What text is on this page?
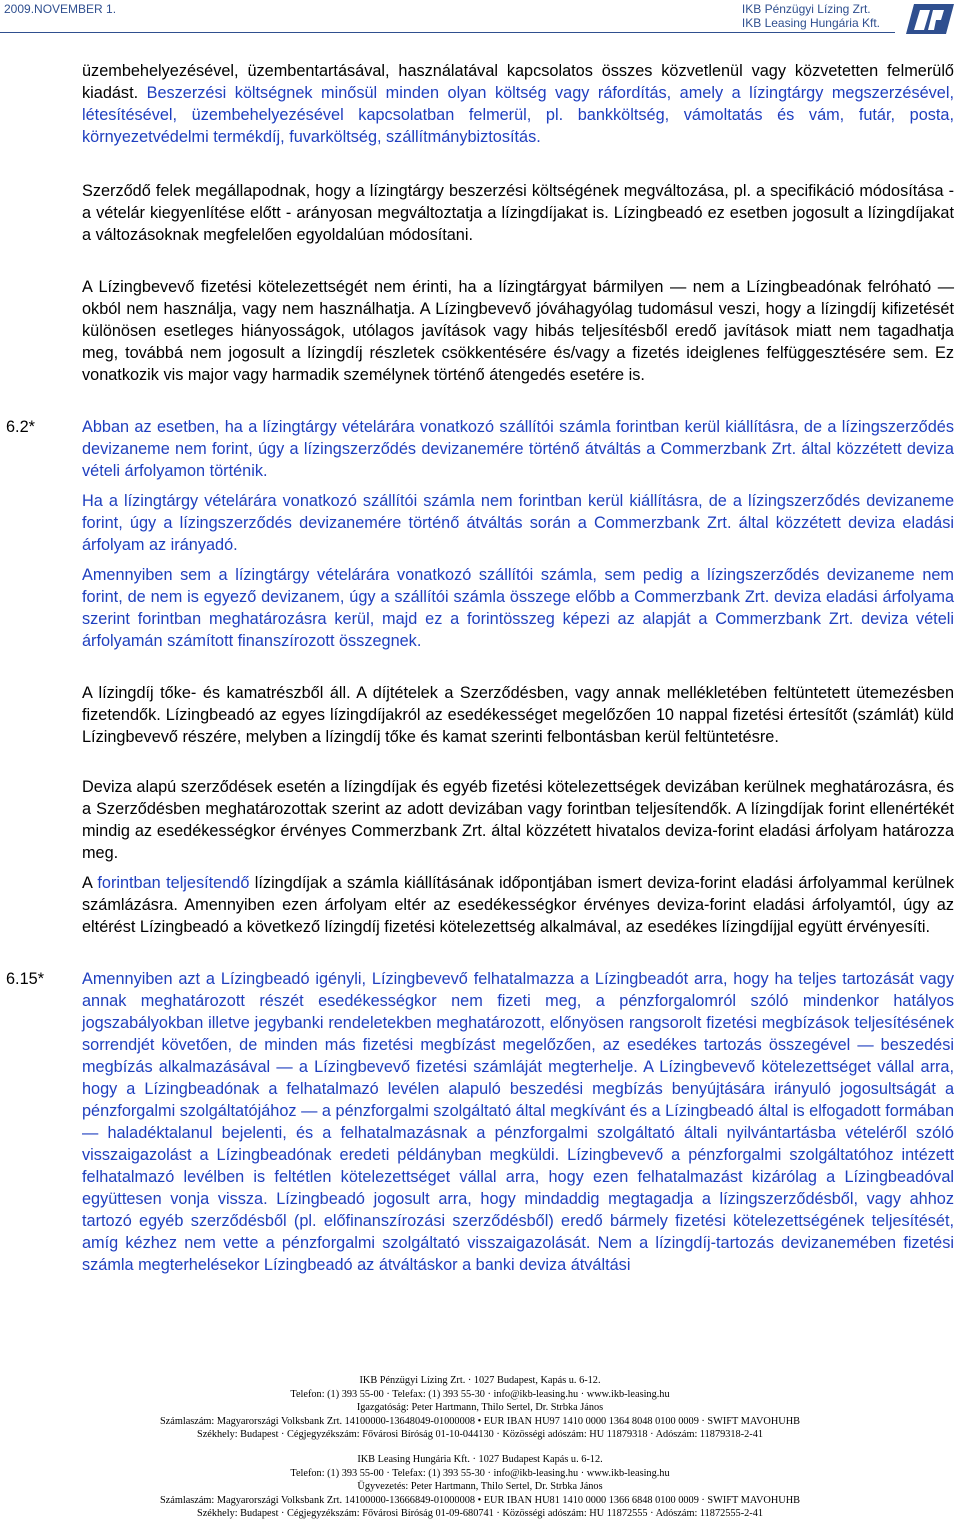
2009.NOVEMBER 1.	IKB Pénzügyi Lízing Zrt.
IKB Leasing Hungária Kft.

üzembehelyezésével, üzembentartásával, használatával kapcsolatos összes közvetlenül vagy közvetetten felmerülő kiadást. Beszerzési költségnek minősül minden olyan költség vagy ráfordítás, amely a lízingtárgy megszerzésével, létesítésével, üzembehelyezésével kapcsolatban felmerül, pl. bankköltség, vámoltatás és vám, futár, posta, környezetvédelmi termékdíj, fuvarköltség, szállítmánybiztosítás.

Szerződő felek megállapodnak, hogy a lízingtárgy beszerzési költségének megváltozása, pl. a specifikáció módosítása - a vételár kiegyenlítése előtt - arányosan megváltoztatja a lízingdíjakat is. Lízingbeadó ez esetben jogosult a lízingdíjakat a változásoknak megfelelően egyoldalúan módosítani.

A Lízingbevevő fizetési kötelezettségét nem érinti, ha a lízingtárgyat bármilyen ― nem a Lízingbeadónak felróható ― okból nem használja, vagy nem használhatja. A Lízingbevevő jóváhagyólag tudomásul veszi, hogy a lízingdíj kifizetését különösen esetleges hiányosságok, utólagos javítások vagy hibás teljesítésből eredő javítások miatt nem tagadhatja meg, továbbá nem jogosult a lízingdíj részletek csökkentésére és/vagy a fizetés ideiglenes felfüggesztésére sem. Ez vonatkozik vis major vagy harmadik személynek történő átengedés esetére is.

6.2*	Abban az esetben, ha a lízingtárgy vételárára vonatkozó szállítói számla forintban kerül kiállításra, de a lízingszerződés devizaneme nem forint, úgy a lízingszerződés devizanemére történő átváltás a Commerzbank Zrt. által közzétett deviza vételi árfolyamon történik.

Ha a lízingtárgy vételárára vonatkozó szállítói számla nem forintban kerül kiállításra, de a lízingszerződés devizaneme forint, úgy a lízingszerződés devizanemére történő átváltás során a Commerzbank Zrt. által közzétett deviza eladási árfolyam az irányadó.

Amennyiben sem a lízingtárgy vételárára vonatkozó szállítói számla, sem pedig a lízingszerződés devizaneme nem forint, de nem is egyező devizanem, úgy a szállítói számla összege előbb a Commerzbank Zrt. deviza eladási árfolyama szerint forintban meghatározásra kerül, majd ez a forintösszeg képezi az alapját a Commerzbank Zrt. deviza vételi árfolyamán számított finanszírozott összegnek.

A lízingdíj tőke- és kamatrészből áll. A díjtételek a Szerződésben, vagy annak mellékletében feltüntetett ütemezésben fizetendők. Lízingbeadó az egyes lízingdíjakról az esedékességet megelőzően 10 nappal fizetési értesítőt (számlát) küld Lízingbevevő részére, melyben a lízingdíj tőke és kamat szerinti felbontásban kerül feltüntetésre.

Deviza alapú szerződések esetén a lízingdíjak és egyéb fizetési kötelezettségek devizában kerülnek meghatározásra, és a Szerződésben meghatározottak szerint az adott devizában vagy forintban teljesítendők. A lízingdíjak forint ellenértékét mindig az esedékességkor érvényes Commerzbank Zrt. által közzétett hivatalos deviza-forint eladási árfolyam határozza meg.

A forintban teljesítendő lízingdíjak a számla kiállításának időpontjában ismert deviza-forint eladási árfolyammal kerülnek számlázásra. Amennyiben ezen árfolyam eltér az esedékességkor érvényes deviza-forint eladási árfolyamtól, úgy az eltérést Lízingbeadó a következő lízingdíj fizetési kötelezettség alkalmával, az esedékes lízingdíjjal együtt érvényesíti.

6.15* Amennyiben azt a Lízingbeadó igényli, Lízingbevevő felhatalmazza a Lízingbeadót arra, hogy ha teljes tartozását vagy annak meghatározott részét esedékességkor nem fizeti meg, a pénzforgalomról szóló mindenkor hatályos jogszabályokban illetve jegybanki rendeletekben meghatározott, előnyösen rangsorolt fizetési megbízások teljesítésének sorrendjét követően, de minden más fizetési megbízást megelőzően, az esedékes tartozás összegével ― beszedési megbízás alkalmazásával ― a Lízingbevevő fizetési számláját megterhelje. A Lízingbevevő kötelezettséget vállal arra, hogy a Lízingbeadónak a felhatalmazó levélen alapuló beszedési megbízás benyújtására irányuló jogosultságát a pénzforgalmi szolgáltatójához ― a pénzforgalmi szolgáltató által megkívánt és a Lízingbeadó által is elfogadott formában ― haladéktalanul bejelenti, és a felhatalmazásnak a pénzforgalmi szolgáltató általi nyilvántartásba vételéről szóló visszaigazolást a Lízingbeadónak eredeti példányban megküldi. Lízingbevevő a pénzforgalmi szolgáltatóhoz intézett felhatalmazó levélben is feltétlen kötelezettséget vállal arra, hogy ezen felhatalmazást kizárólag a Lízingbeadóval együttesen vonja vissza. Lízingbeadó jogosult arra, hogy mindaddig megtagadja a lízingszerződésből, vagy ahhoz tartozó egyéb szerződésből (pl. előfinanszírozási szerződésből) eredő bármely fizetési kötelezettségének teljesítését, amíg kézhez nem vette a pénzforgalmi szolgáltató visszaigazolását. Nem a lízingdíj-tartozás devizanemében fizetési számla megterhelésekor Lízingbeadó az átváltáskor a banki deviza átváltási

IKB Pénzügyi Lízing Zrt. · 1027 Budapest, Kapás u. 6-12.
Telefon: (1) 393 55-00 · Telefax: (1) 393 55-30 · info@ikb-leasing.hu · www.ikb-leasing.hu
Igazgatóság: Peter Hartmann, Thilo Sertel, Dr. Strbka János
Számlaszám: Magyarországi Volksbank Zrt. 14100000-13648049-01000008 • EUR IBAN HU97 1410 0000 1364 8048 0100 0009 · SWIFT MAVOHUHB
Székhely: Budapest · Cégjegyzékszám: Fővárosi Bíróság 01-10-044130 · Közösségi adószám: HU 11879318 · Adószám: 11879318-2-41
IKB Leasing Hungária Kft. · 1027 Budapest Kapás u. 6-12.
Telefon: (1) 393 55-00 · Telefax: (1) 393 55-30 · info@ikb-leasing.hu · www.ikb-leasing.hu
Ügyvezetés: Peter Hartmann, Thilo Sertel, Dr. Strbka János
Számlaszám: Magyarországi Volksbank Zrt. 14100000-13666849-01000008 • EUR IBAN HU81 1410 0000 1366 6848 0100 0009 · SWIFT MAVOHUHB
Székhely: Budapest · Cégjegyzékszám: Fővárosi Bíróság 01-09-680741 · Közösségi adószám: HU 11872555 · Adószám: 11872555-2-41
